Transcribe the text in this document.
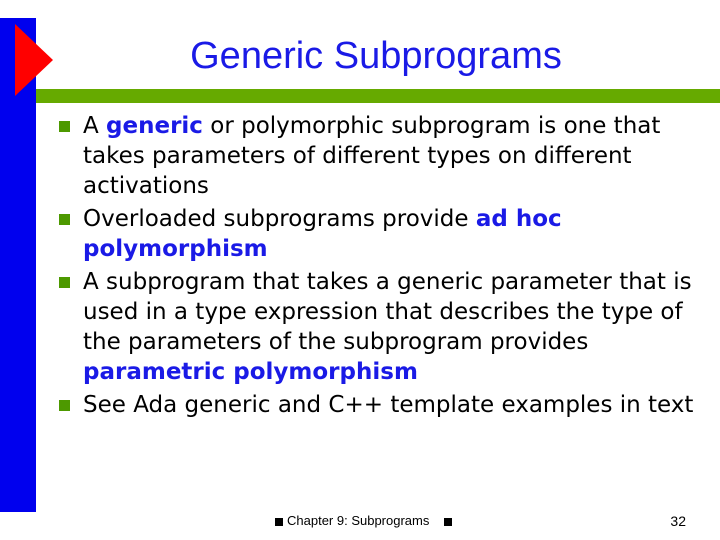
Generic Subprograms
A generic or polymorphic subprogram is one that takes parameters of different types on different activations
Overloaded subprograms provide ad hoc polymorphism
A subprogram that takes a generic parameter that is used in a type expression that describes the type of the parameters of the subprogram provides parametric polymorphism
See Ada generic and C++ template examples in text
Chapter 9: Subprograms	32
